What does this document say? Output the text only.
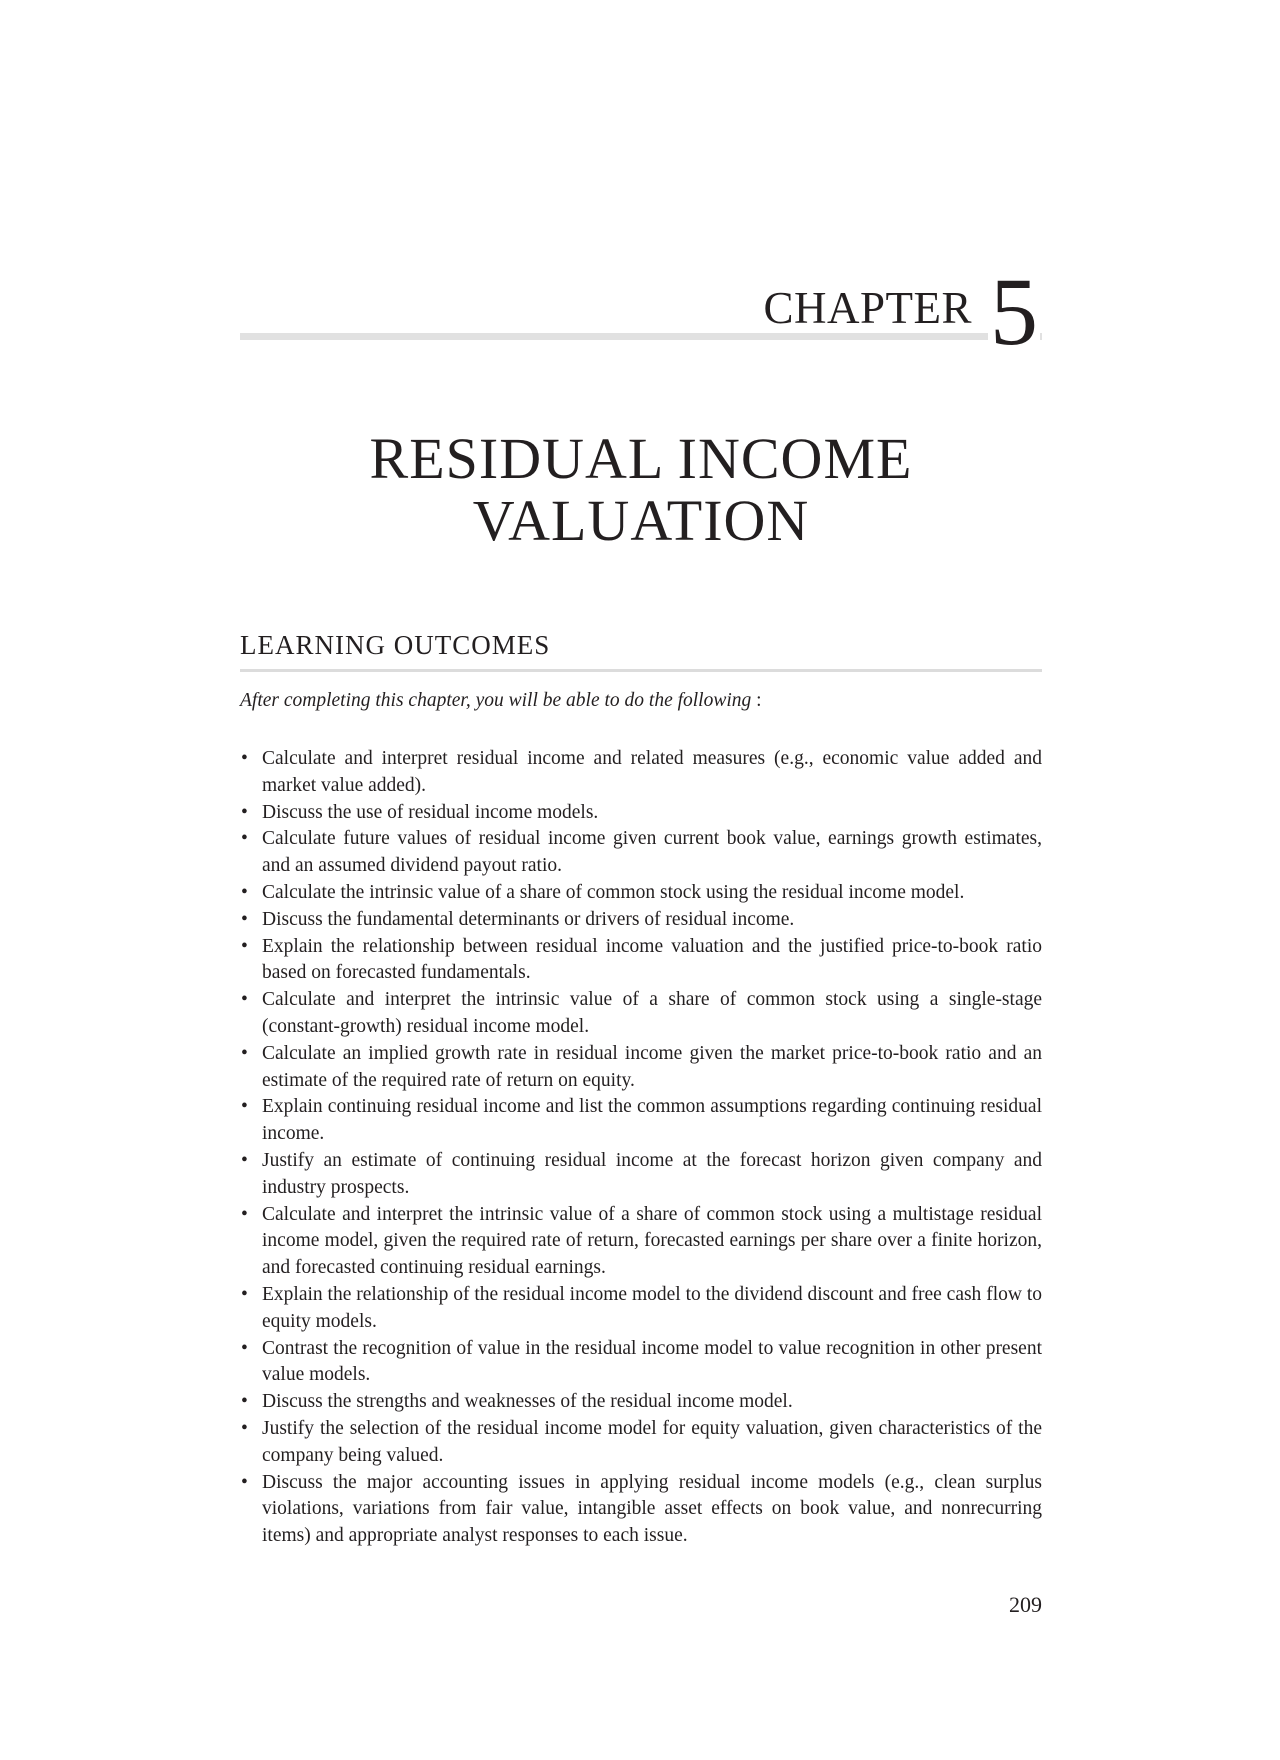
CHAPTER 5
RESIDUAL INCOME
VALUATION
LEARNING OUTCOMES
After completing this chapter, you will be able to do the following :
• Calculate and interpret residual income and related measures (e.g., economic value added and market value added).
• Discuss the use of residual income models.
• Calculate future values of residual income given current book value, earnings growth estimates, and an assumed dividend payout ratio.
• Calculate the intrinsic value of a share of common stock using the residual income model.
• Discuss the fundamental determinants or drivers of residual income.
• Explain the relationship between residual income valuation and the justified price-to-book ratio based on forecasted fundamentals.
• Calculate and interpret the intrinsic value of a share of common stock using a single-stage (constant-growth) residual income model.
• Calculate an implied growth rate in residual income given the market price-to-book ratio and an estimate of the required rate of return on equity.
• Explain continuing residual income and list the common assumptions regarding continuing residual income.
• Justify an estimate of continuing residual income at the forecast horizon given company and industry prospects.
• Calculate and interpret the intrinsic value of a share of common stock using a multistage residual income model, given the required rate of return, forecasted earnings per share over a finite horizon, and forecasted continuing residual earnings.
• Explain the relationship of the residual income model to the dividend discount and free cash flow to equity models.
• Contrast the recognition of value in the residual income model to value recognition in other present value models.
• Discuss the strengths and weaknesses of the residual income model.
• Justify the selection of the residual income model for equity valuation, given characteristics of the company being valued.
• Discuss the major accounting issues in applying residual income models (e.g., clean surplus violations, variations from fair value, intangible asset effects on book value, and nonrecurring items) and appropriate analyst responses to each issue.
209
